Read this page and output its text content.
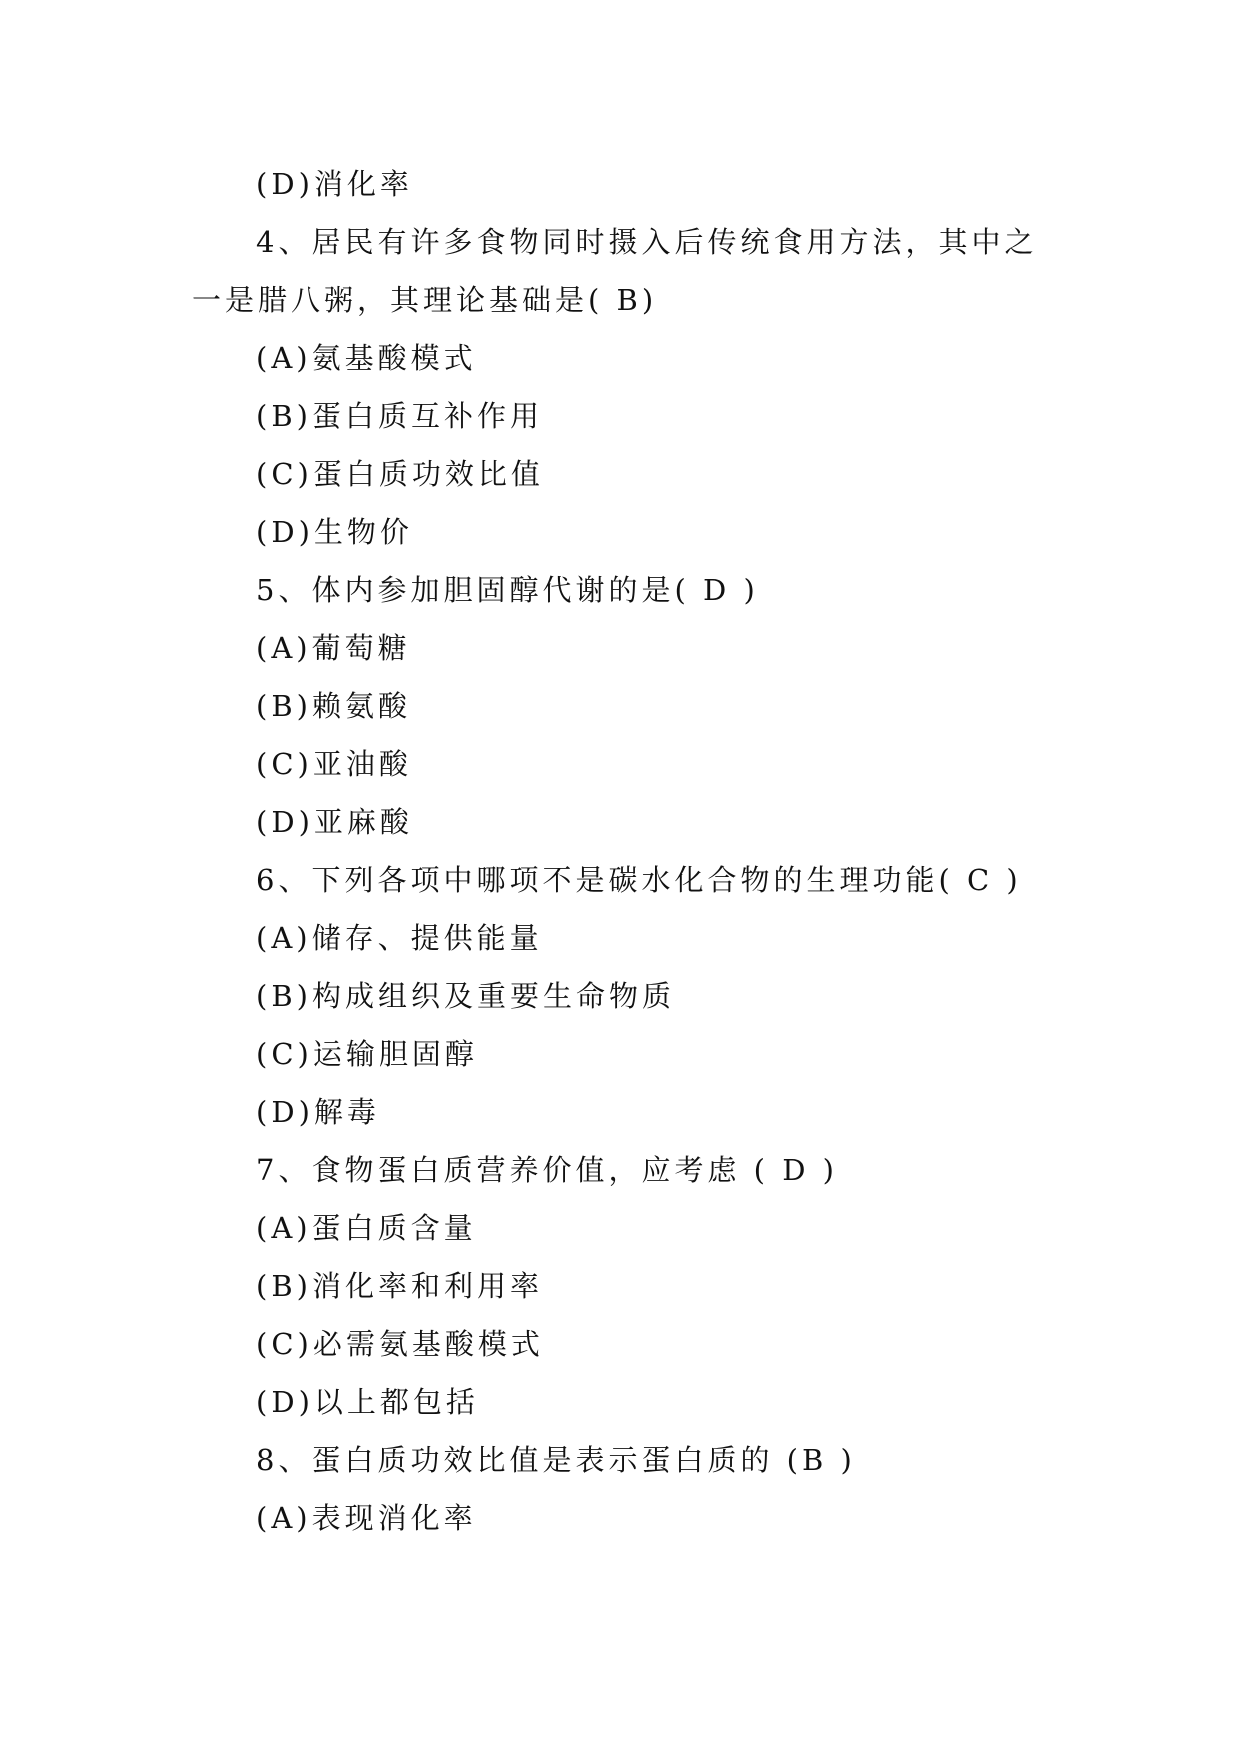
(D)消化率
4、居民有许多食物同时摄入后传统食用方法，其中之
一是腊八粥，其理论基础是( B)
(A)氨基酸模式
(B)蛋白质互补作用
(C)蛋白质功效比值
(D)生物价
5、体内参加胆固醇代谢的是( D )
(A)葡萄糖
(B)赖氨酸
(C)亚油酸
(D)亚麻酸
6、下列各项中哪项不是碳水化合物的生理功能( C )
(A)储存、提供能量
(B)构成组织及重要生命物质
(C)运输胆固醇
(D)解毒
7、食物蛋白质营养价值，应考虑 ( D )
(A)蛋白质含量
(B)消化率和利用率
(C)必需氨基酸模式
(D)以上都包括
8、蛋白质功效比值是表示蛋白质的 (B )
(A)表现消化率
